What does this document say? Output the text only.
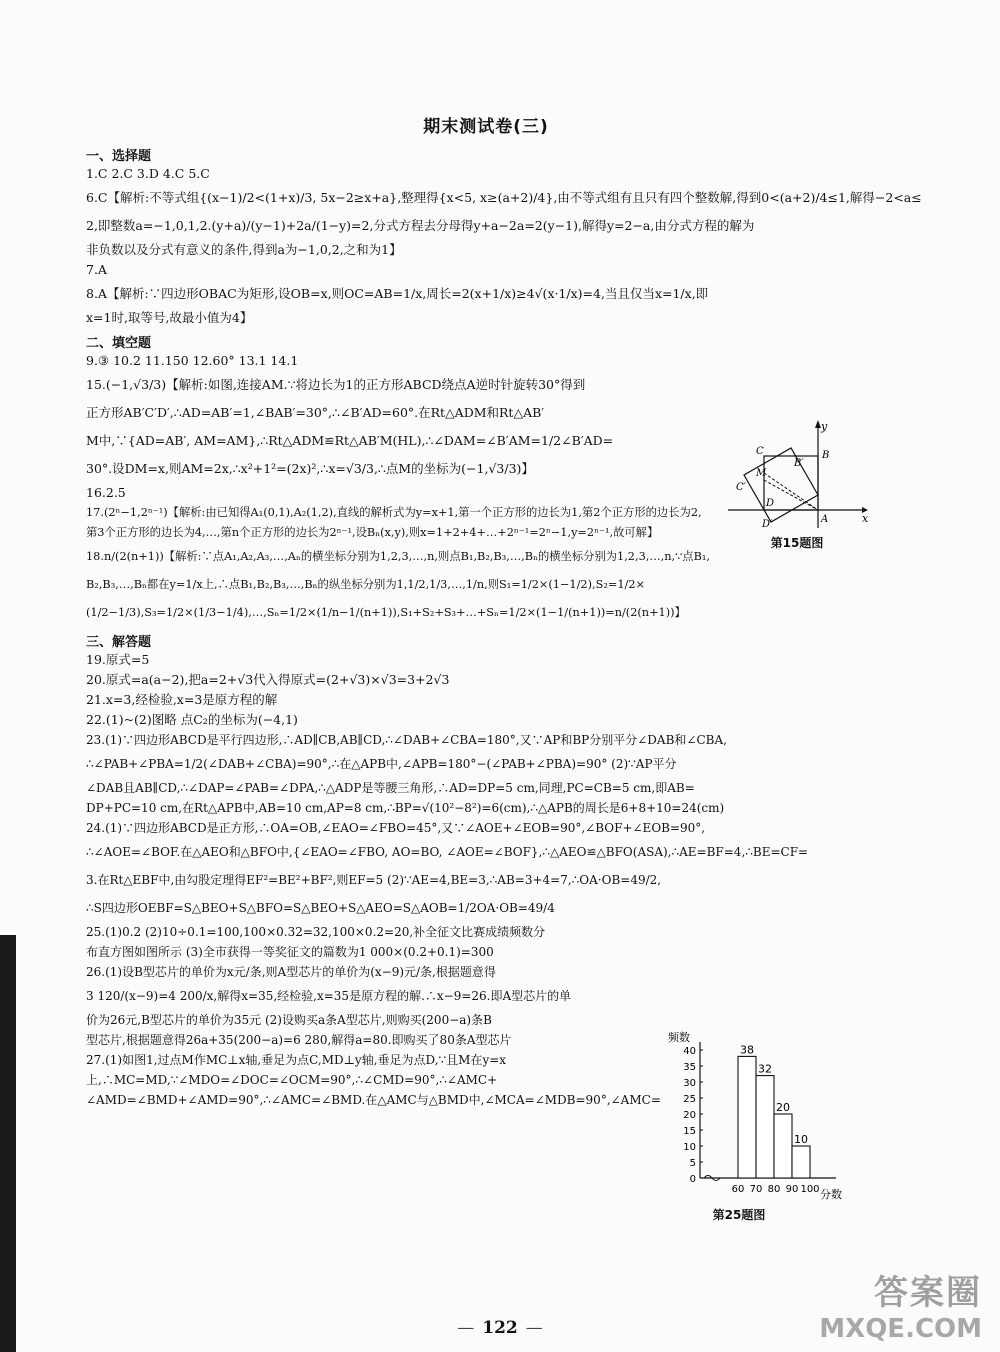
期末测试卷(三)
一、选择题
1.C 2.C 3.D 4.C 5.C
6.C【解析:不等式组{(x−1)/2<(1+x)/3, 5x−2≥x+a},整理得{x<5, x≥(a+2)/4},由不等式组有且只有四个整数解,得到0<(a+2)/4≤1,解得−2<a≤
2,即整数a=−1,0,1,2.(y+a)/(y−1)+2a/(1−y)=2,分式方程去分母得y+a−2a=2(y−1),解得y=2−a,由分式方程的解为
非负数以及分式有意义的条件,得到a为−1,0,2,之和为1】
7.A
8.A【解析:∵四边形OBAC为矩形,设OB=x,则OC=AB=1/x,周长=2(x+1/x)≥4√(x·1/x)=4,当且仅当x=1/x,即
x=1时,取等号,故最小值为4】
二、填空题
9.③ 10.2 11.150 12.60° 13.1 14.1
15.(−1,√3/3)【解析:如图,连接AM.∵将边长为1的正方形ABCD绕点A逆时针旋转30°得到
正方形AB′C′D′,∴AD=AB′=1,∠BAB′=30°,∴∠B′AD=60°.在Rt△ADM和Rt△AB′
M中,∵{AD=AB′, AM=AM},∴Rt△ADM≌Rt△AB′M(HL),∴∠DAM=∠B′AM=1/2∠B′AD=
30°.设DM=x,则AM=2x,∴x²+1²=(2x)²,∴x=√3/3,∴点M的坐标为(−1,√3/3)】
16.2.5
17.(2ⁿ−1,2ⁿ⁻¹)【解析:由已知得A₁(0,1),A₂(1,2),直线的解析式为y=x+1,第一个正方形的边长为1,第2个正方形的边长为2,
第3个正方形的边长为4,…,第n个正方形的边长为2ⁿ⁻¹,设Bₙ(x,y),则x=1+2+4+…+2ⁿ⁻¹=2ⁿ−1,y=2ⁿ⁻¹,故可解】
18.n/(2(n+1))【解析:∵点A₁,A₂,A₃,…,Aₙ的横坐标分别为1,2,3,…,n,则点B₁,B₂,B₃,…,Bₙ的横坐标分别为1,2,3,…,n,∵点B₁,
B₂,B₃,…,Bₙ都在y=1/x上,∴点B₁,B₂,B₃,…,Bₙ的纵坐标分别为1,1/2,1/3,…,1/n,则S₁=1/2×(1−1/2),S₂=1/2×
(1/2−1/3),S₃=1/2×(1/3−1/4),…,Sₙ=1/2×(1/n−1/(n+1)),S₁+S₂+S₃+…+Sₙ=1/2×(1−1/(n+1))=n/(2(n+1))】
三、解答题
19.原式=5
20.原式=a(a−2),把a=2+√3代入得原式=(2+√3)×√3=3+2√3
21.x=3,经检验,x=3是原方程的解
22.(1)~(2)图略 点C₂的坐标为(−4,1)
23.(1)∵四边形ABCD是平行四边形,∴AD∥CB,AB∥CD,∴∠DAB+∠CBA=180°,又∵AP和BP分别平分∠DAB和∠CBA,
∴∠PAB+∠PBA=1/2(∠DAB+∠CBA)=90°,∴在△APB中,∠APB=180°−(∠PAB+∠PBA)=90° (2)∵AP平分
∠DAB且AB∥CD,∴∠DAP=∠PAB=∠DPA,∴△ADP是等腰三角形,∴AD=DP=5 cm,同理,PC=CB=5 cm,即AB=
DP+PC=10 cm,在Rt△APB中,AB=10 cm,AP=8 cm,∴BP=√(10²−8²)=6(cm),∴△APB的周长是6+8+10=24(cm)
24.(1)∵四边形ABCD是正方形,∴OA=OB,∠EAO=∠FBO=45°,又∵∠AOE+∠EOB=90°,∠BOF+∠EOB=90°,
∴∠AOE=∠BOF.在△AEO和△BFO中,{∠EAO=∠FBO, AO=BO, ∠AOE=∠BOF},∴△AEO≌△BFO(ASA),∴AE=BF=4,∴BE=CF=
3.在Rt△EBF中,由勾股定理得EF²=BE²+BF²,则EF=5 (2)∵AE=4,BE=3,∴AB=3+4=7,∴OA·OB=49/2,
∴S四边形OEBF=S△BEO+S△BFO=S△BEO+S△AEO=S△AOB=1/2OA·OB=49/4
25.(1)0.2 (2)10÷0.1=100,100×0.32=32,100×0.2=20,补全征文比赛成绩频数分
布直方图如图所示 (3)全市获得一等奖征文的篇数为1 000×(0.2+0.1)=300
26.(1)设B型芯片的单价为x元/条,则A型芯片的单价为(x−9)元/条,根据题意得
3 120/(x−9)=4 200/x,解得x=35,经检验,x=35是原方程的解.∴x−9=26.即A型芯片的单
价为26元,B型芯片的单价为35元 (2)设购买a条A型芯片,则购买(200−a)条B
型芯片,根据题意得26a+35(200−a)=6 280,解得a=80.即购买了80条A型芯片
27.(1)如图1,过点M作MC⊥x轴,垂足为点C,MD⊥y轴,垂足为点D,∵且M在y=x
上,∴MC=MD,∵∠MDO=∠DOC=∠OCM=90°,∴∠CMD=90°,∴∠AMC+
∠AMD=∠BMD+∠AMD=90°,∴∠AMC=∠BMD.在△AMC与△BMD中,∠MCA=∠MDB=90°,∠AMC=
y
x
C	B
M
C′
D
B′
A
D′
第15题图
频数
分数
40
35
30
25
20
15
10
5
0
60 70 80 90 100
38
32
20
10
第25题图
— 122 —
答案圈
MXQE.COM
